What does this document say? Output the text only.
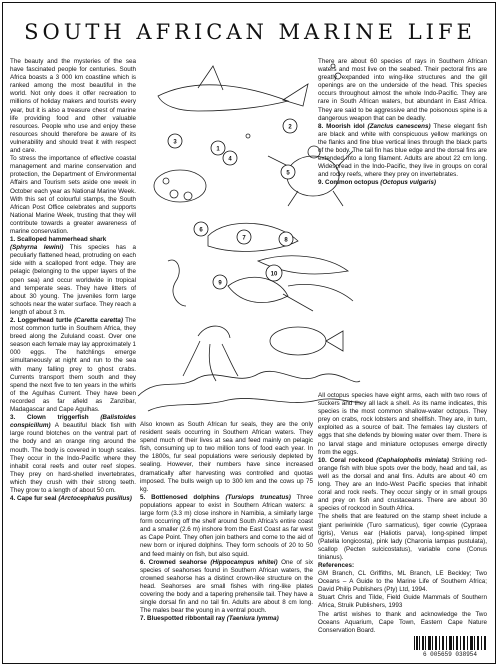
SOUTH AFRICAN MARINE LIFE

The beauty and the mysteries of the sea have fascinated people for centuries. South Africa boasts a 3 000 km coastline which is ranked among the most beautiful in the world. Not only does it offer recreation to millions of holiday makers and tourists every year, but it is also a treasure chest of marine life providing food and other valuable resources. People who use and enjoy these resources should therefore be aware of its vulnerability and should treat it with respect and care.

To stress the importance of effective coastal management and marine conservation and protection, the Department of Environmental Affairs and Tourism sets aside one week in October each year as National Marine Week. With this set of colourful stamps, the South African Post Office celebrates and supports National Marine Week, trusting that they will contribute towards a greater awareness of marine conservation.

1. Scalloped hammerhead shark
(Sphyrna lewini) This species has a peculiarly flattened head, protruding on each side with a scalloped front edge. They are pelagic (belonging to the upper layers of the open sea) and occur worldwide in tropical and temperate seas. They have litters of about 30 young. The juveniles form large schools near the water surface. They reach a length of about 3 m.

2. Loggerhead turtle (Caretta caretta) The most common turtle in Southern Africa, they breed along the Zululand coast. Over one season each female may lay approximately 1 000 eggs. The hatchlings emerge simultaneously at night and run to the sea with many falling prey to ghost crabs. Currents transport them south and they spend the next five to ten years in the whirls of the Agulhas Current. They have been recorded as far afield as Zanzibar, Madagascar and Cape Agulhas.

3. Clown triggerfish (Balistoides conspicillum) A beautiful black fish with large round blotches on the ventral part of the body and an orange ring around the mouth. The body is covered in tough scales. They occur in the Indo-Pacific where they inhabit coral reefs and outer reef slopes. They prey on hard-shelled invertebrates, which they crush with their strong teeth. They grow to a length of about 50 cm.

4. Cape fur seal (Arctocephalus pusillus)

1
2
3
4
5
6
7	8
9
10

Also known as South African fur seals, they are the only resident seals occurring in Southern African waters. They spend much of their lives at sea and feed mainly on pelagic fish, consuming up to two million tons of food each year. In the 1800s, fur seal populations were seriously depleted by sealing. However, their numbers have since increased dramatically after harvesting was controlled and quotas imposed. The bulls weigh up to 300 km and the cows up 75 kg.

5. Bottlenosed dolphins (Tursiops truncatus) Three populations appear to exist in Southern African waters: a large form (3.3 m) close inshore in Namibia, a similarly large form occurring off the shelf around South Africa's entire coast and a smaller (2.6 m) inshore from the East Coast as far west as Cape Point. They often join bathers and come to the aid of new born or injured dolphins. They form schools of 20 to 50 and feed mainly on fish, but also squid.

6. Crowned seahorse (Hippocampus whitei) One of six species of seahorses found in Southern African waters, the crowned seahorse has a distinct crown-like structure on the head. Seahorses are small fishes with ring-like plates covering the body and a tapering prehensile tail. They have a single dorsal fin and no tail fin. Adults are about 8 cm long. The males bear the young in a ventral pouch.

7. Bluespotted ribbontail ray (Taeniura lymma)

There are about 60 species of rays in Southern African waters and most live on the seabed. Their pectoral fins are greatly expanded into wing-like structures and the gill openings are on the underside of the head. This species occurs throughout almost the whole Indo-Pacific. They are rare in South African waters, but abundant in East Africa. They are said to be aggressive and the poisonous spine is a dangerous weapon that can be deadly.

8. Moorish idol (Zanclus canescens) These elegant fish are black and white with conspicuous yellow markings on the flanks and fine blue vertical lines through the black parts of the body. The tail fin has blue edge and the dorsal fins are extended into a long filament. Adults are about 22 cm long. Widespread in the Indo-Pacific, they live in groups on coral and rocky reefs, where they prey on invertebrates.

9. Common octopus (Octopus vulgaris)

All octopus species have eight arms, each with two rows of suckers and they all lack a shell. As its name indicates, this species is the most common shallow-water octopus. They prey on crabs, rock lobsters and shellfish. They are, in turn, exploited as a source of bait. The females lay clusters of eggs that she defends by blowing water over them. There is no larval stage and miniature octopuses emerge directly from the eggs.

10. Coral rockcod (Cephalopholis miniata) Striking red-orange fish with blue spots over the body, head and tail, as well as the dorsal and anal fins. Adults are about 40 cm long. They are an Indo-West Pacific species that inhabit coral and rock reefs. They occur singly or in small groups and prey on fish and crustaceans. There are about 30 species of rockcod in South Africa.

The shells that are featured on the stamp sheet include a giant periwinkle (Turo sarmaticus), tiger cowrie (Cypraea tigris), Venus ear (Haliotis parva), long-spined limpet (Patella longicosta), pink lady (Charonia lampas pustulata), scallop (Pecten sulcicostatus), variable cone (Conus tinianus).

References:

GM Branch, CL Griffiths, ML Branch, LE Beckley; Two Oceans – A Guide to the Marine Life of Southern Africa; David Philip Publishers (Pty) Ltd, 1994.

Stuart Chris and Tilde, Field Guide Mammals of Southern Africa, Struik Publishers, 1993

The artist wishes to thank and acknowledge the Two Oceans Aquarium, Cape Town, Eastern Cape Nature Conservation Board.

6 005659 038954
